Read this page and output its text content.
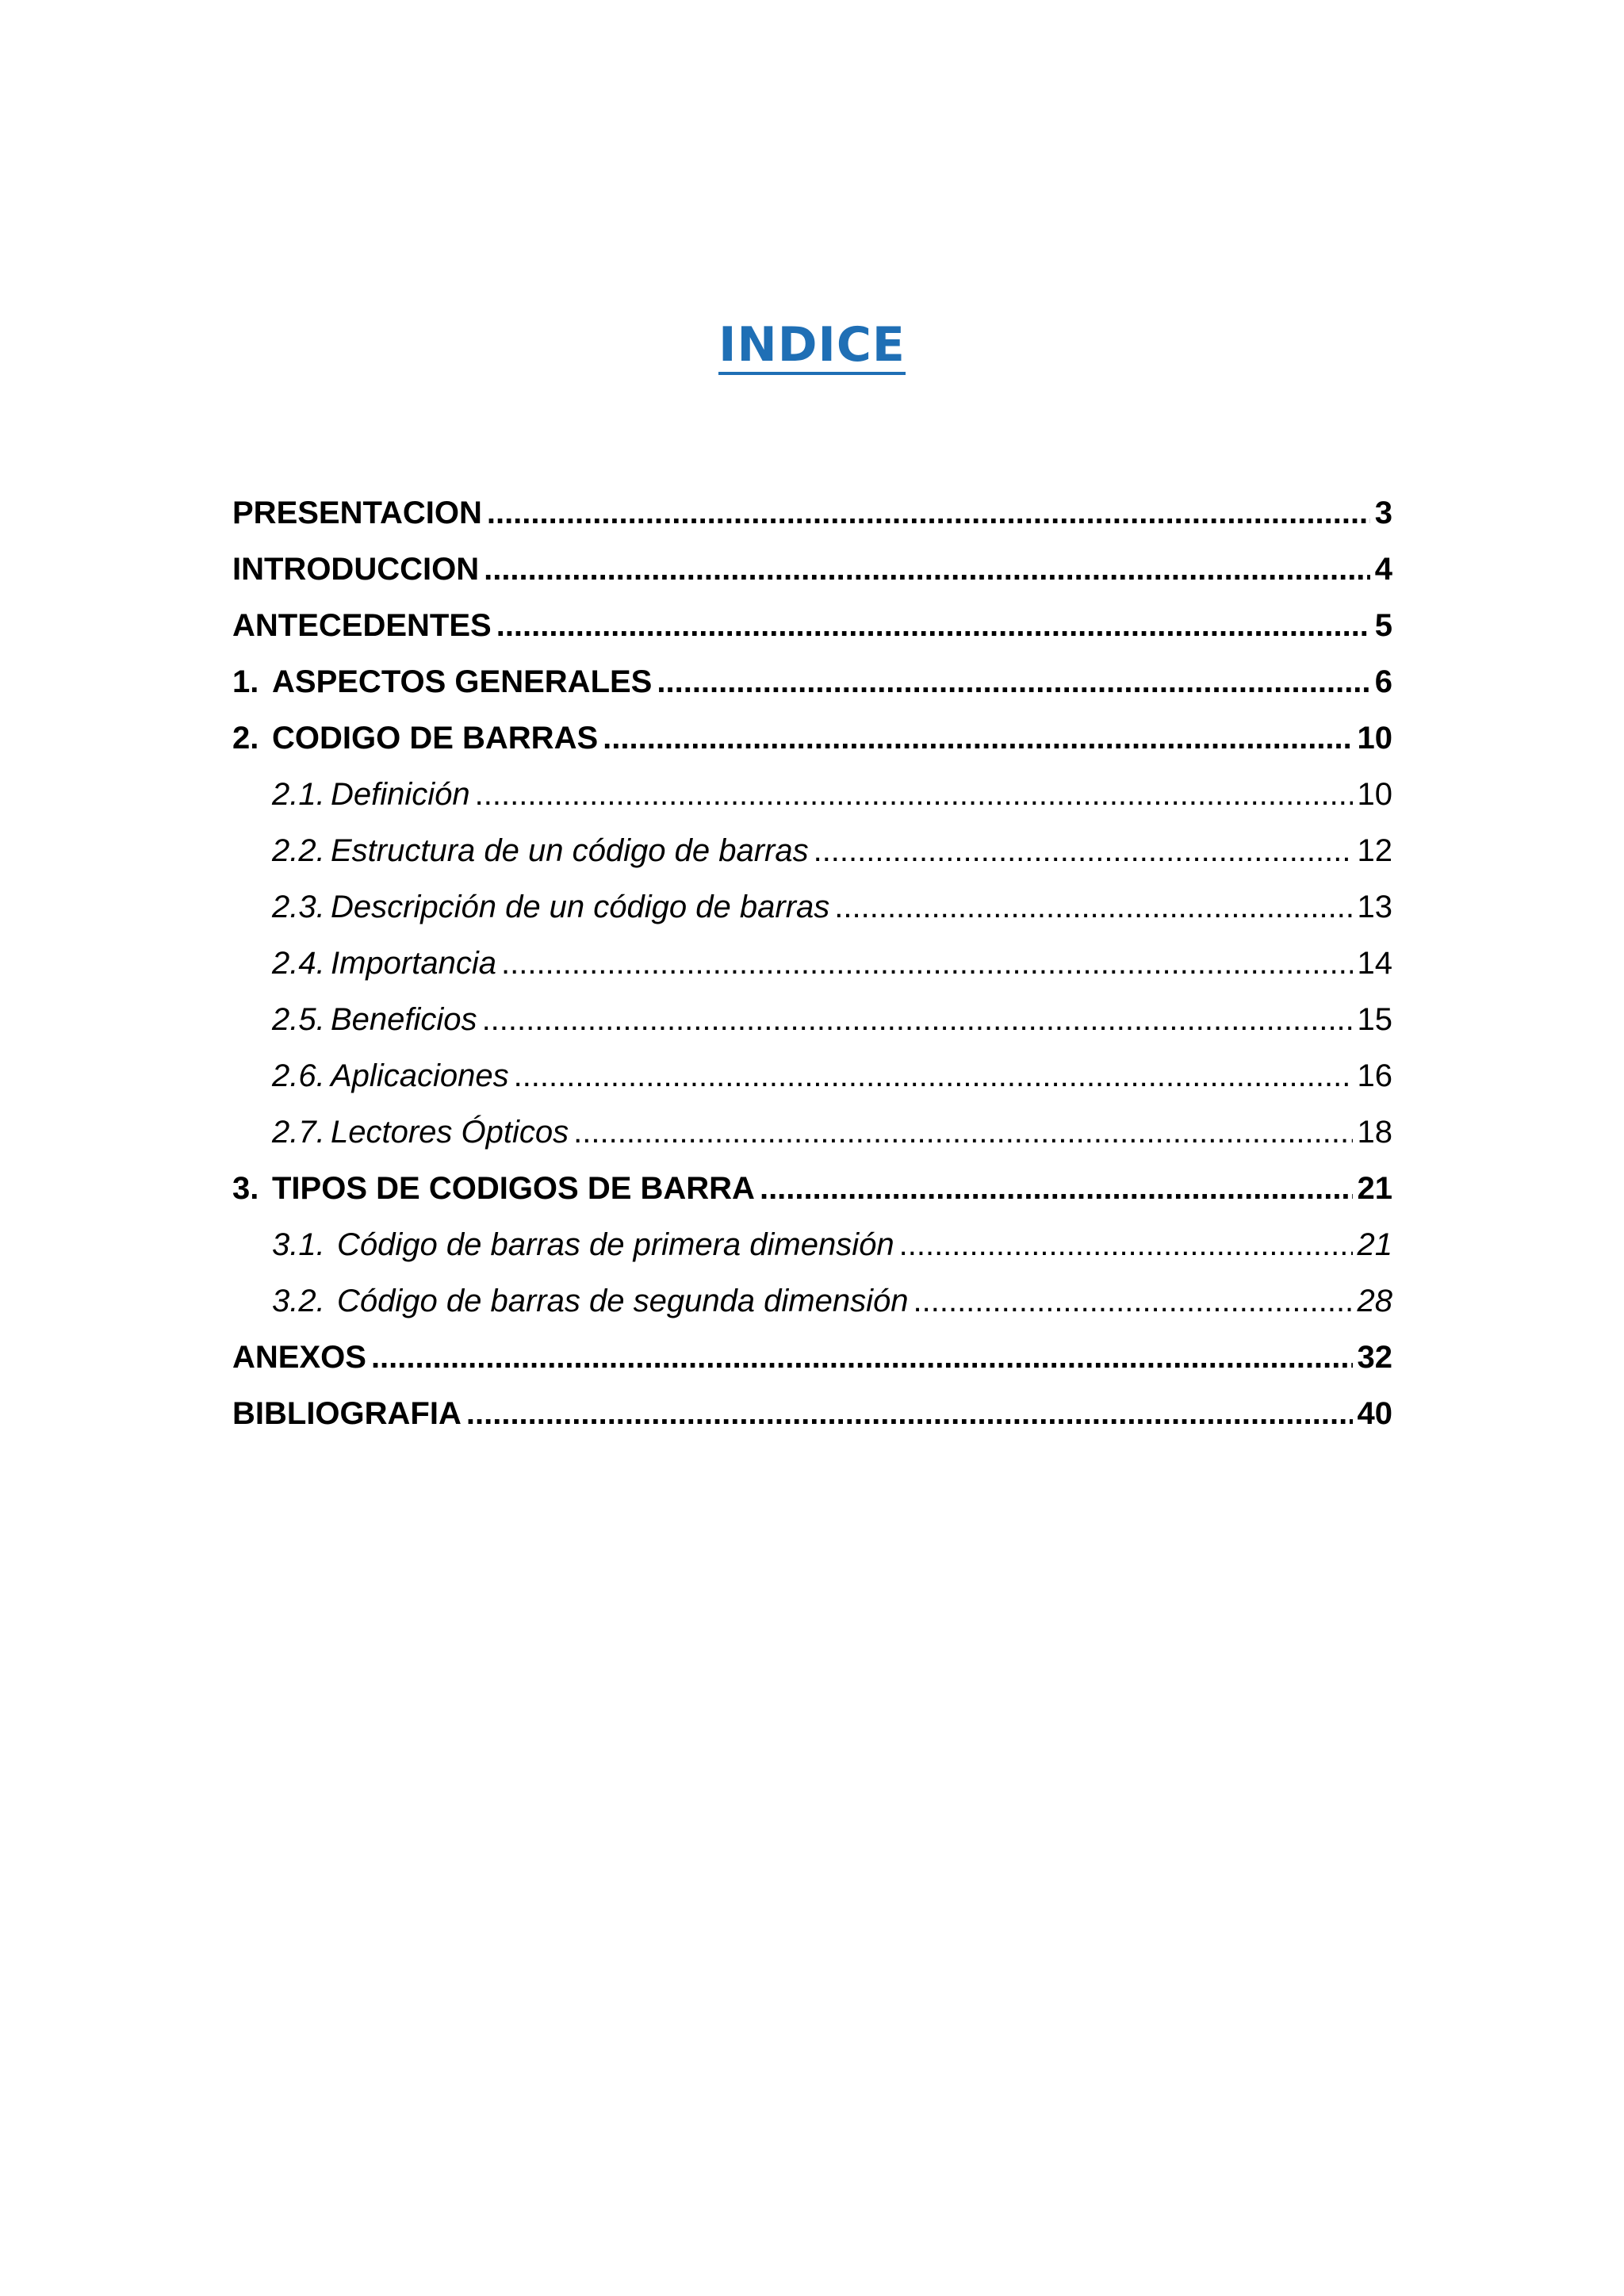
INDICE
PRESENTACION .....	3
INTRODUCCION .....	4
ANTECEDENTES .....	5
1. ASPECTOS GENERALES .....	6
2. CODIGO DE BARRAS .....	10
2.1. Definición .....	10
2.2. Estructura de un código de barras .....	12
2.3. Descripción de un código de barras .....	13
2.4. Importancia .....	14
2.5. Beneficios .....	15
2.6. Aplicaciones .....	16
2.7. Lectores Ópticos .....	18
3. TIPOS DE CODIGOS DE BARRA .....	21
3.1. Código de barras de primera dimensión .....	21
3.2. Código de barras de segunda dimensión .....	28
ANEXOS .....	32
BIBLIOGRAFIA .....	40
